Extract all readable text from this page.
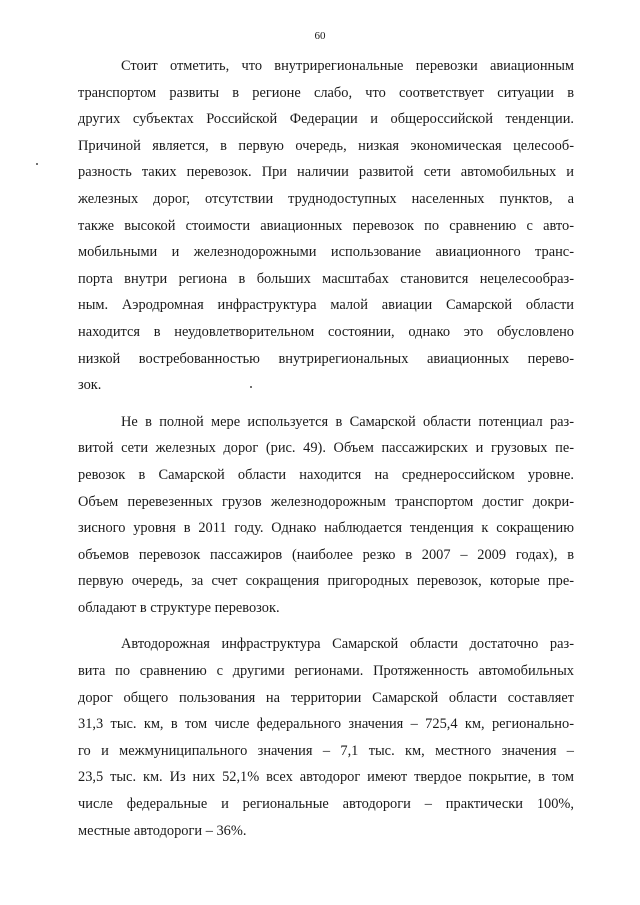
60
Стоит отметить, что внутрирегиональные перевозки авиационным
транспортом развиты в регионе слабо, что соответствует ситуации в
других субъектах Российской Федерации и общероссийской тенденции.
Причиной является, в первую очередь, низкая экономическая целесооб-
разность таких перевозок. При наличии развитой сети автомобильных и
железных дорог, отсутствии труднодоступных населенных пунктов, а
также высокой стоимости авиационных перевозок по сравнению с авто-
мобильными и железнодорожными использование авиационного транс-
порта внутри региона в больших масштабах становится нецелесообраз-
ным. Аэродромная инфраструктура малой авиации Самарской области
находится в неудовлетворительном состоянии, однако это обусловлено
низкой востребованностью внутрирегиональных авиационных перево-
зок.
Не в полной мере используется в Самарской области потенциал раз-
витой сети железных дорог (рис. 49). Объем пассажирских и грузовых пе-
ревозок в Самарской области находится на среднероссийском уровне.
Объем перевезенных грузов железнодорожным транспортом достиг докри-
зисного уровня в 2011 году. Однако наблюдается тенденция к сокращению
объемов перевозок пассажиров (наиболее резко в 2007 – 2009 годах), в
первую очередь, за счет сокращения пригородных перевозок, которые пре-
обладают в структуре перевозок.
Автодорожная инфраструктура Самарской области достаточно раз-
вита по сравнению с другими регионами. Протяженность автомобильных
дорог общего пользования на территории Самарской области составляет
31,3 тыс. км, в том числе федерального значения – 725,4 км, регионально-
го и межмуниципального значения – 7,1 тыс. км, местного значения –
23,5 тыс. км. Из них 52,1% всех автодорог имеют твердое покрытие, в том
числе федеральные и региональные автодороги – практически 100%,
местные автодороги – 36%.
